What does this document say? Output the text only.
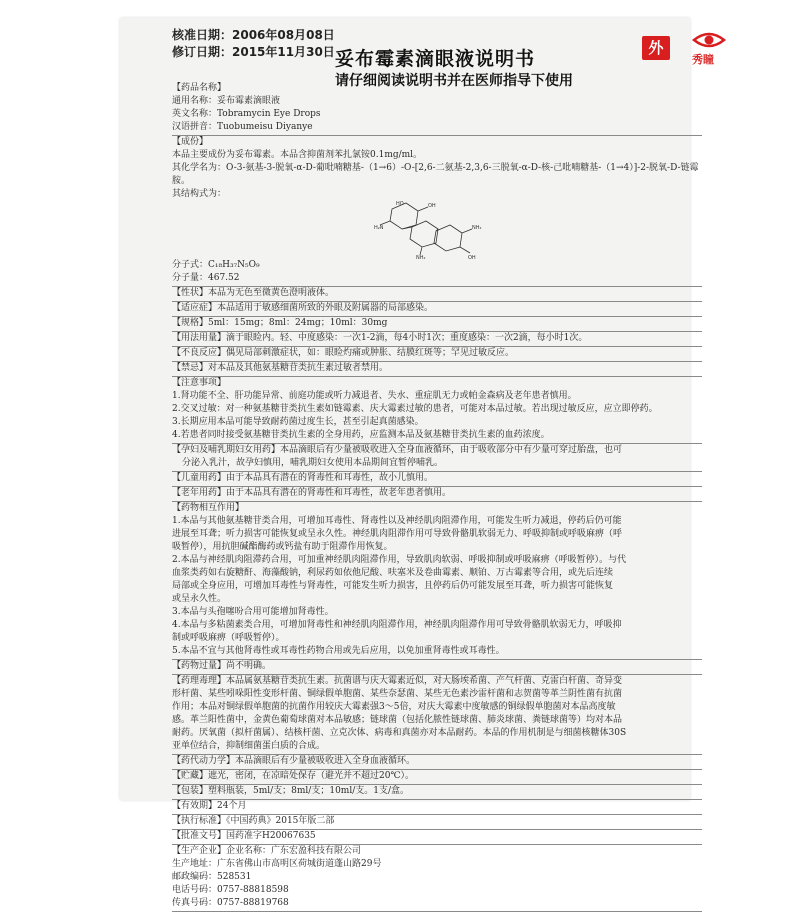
核准日期：2006年08月08日
修订日期：2015年11月30日 妥布霉素滴眼液说明书
请仔细阅读说明书并在医师指导下使用
外
秀瞳
【药品名称】
通用名称：妥布霉素滴眼液
英文名称：Tobramycin Eye Drops
汉语拼音：Tuobumeisu Diyanye
【成份】
本品主要成份为妥布霉素。本品含抑菌剂苯扎氯铵0.1mg/ml。
其化学名为：O-3-氨基-3-脱氧-α-D-葡吡喃糖基-（1→6）-O-[2,6-二氨基-2,3,6-三脱氧-α-D-核-己吡喃糖基-（1→4）]-2-脱氧-D-链霉胺。
其结构式为：
H₂N
OH
NH₂
NH₂
OH
HO
分子式：C₁₈H₃₇N₅O₉
分子量：467.52
【性状】本品为无色至微黄色澄明液体。
【适应症】本品适用于敏感细菌所致的外眼及附属器的局部感染。
【规格】5ml：15mg；8ml：24mg；10ml：30mg
【用法用量】滴于眼睑内。轻、中度感染：一次1-2滴，每4小时1次；重度感染：一次2滴，每小时1次。
【不良反应】偶见局部刺激症状，如：眼睑灼痛或肿胀、结膜红斑等；罕见过敏反应。
【禁忌】对本品及其他氨基糖苷类抗生素过敏者禁用。
【注意事项】
1.肾功能不全、肝功能异常、前庭功能或听力减退者、失水、重症肌无力或帕金森病及老年患者慎用。
2.交叉过敏：对一种氨基糖苷类抗生素如链霉素、庆大霉素过敏的患者，可能对本品过敏。若出现过敏反应，应立即停药。
3.长期应用本品可能导致耐药菌过度生长，甚至引起真菌感染。
4.若患者同时接受氨基糖苷类抗生素的全身用药，应监测本品及氨基糖苷类抗生素的血药浓度。
【孕妇及哺乳期妇女用药】本品滴眼后有少量被吸收进入全身血液循环，由于吸收部分中有少量可穿过胎盘，也可
分泌入乳汁，故孕妇慎用，哺乳期妇女使用本品期间宜暂停哺乳。
【儿童用药】由于本品具有潜在的肾毒性和耳毒性，故小儿慎用。
【老年用药】由于本品具有潜在的肾毒性和耳毒性，故老年患者慎用。
【药物相互作用】
1.本品与其他氨基糖苷类合用，可增加耳毒性、肾毒性以及神经肌肉阻滞作用，可能发生听力减退，停药后仍可能
进展至耳聋；听力损害可能恢复或呈永久性。神经肌肉阻滞作用可导致骨骼肌软弱无力、呼吸抑制或呼吸麻痹（呼
吸暂停），用抗胆碱酯酶药或钙盐有助于阻滞作用恢复。
2.本品与神经肌肉阻滞药合用，可加重神经肌肉阻滞作用，导致肌肉软弱、呼吸抑制或呼吸麻痹（呼吸暂停）。与代
血浆类药如右旋糖酐、海藻酸钠，利尿药如依他尼酸、呋塞米及卷曲霉素、顺铂、万古霉素等合用，或先后连续
局部或全身应用，可增加耳毒性与肾毒性，可能发生听力损害，且停药后仍可能发展至耳聋，听力损害可能恢复
或呈永久性。
3.本品与头孢噻吩合用可能增加肾毒性。
4.本品与多粘菌素类合用，可增加肾毒性和神经肌肉阻滞作用，神经肌肉阻滞作用可导致骨骼肌软弱无力，呼吸抑
制或呼吸麻痹（呼吸暂停）。
5.本品不宜与其他肾毒性或耳毒性药物合用或先后应用，以免加重肾毒性或耳毒性。
【药物过量】尚不明确。
【药理毒理】本品属氨基糖苷类抗生素。抗菌谱与庆大霉素近似，对大肠埃希菌、产气杆菌、克雷白杆菌、奇异变
形杆菌、某些吲哚阳性变形杆菌、铜绿假单胞菌、某些奈瑟菌、某些无色素沙雷杆菌和志贺菌等革兰阴性菌有抗菌
作用；本品对铜绿假单胞菌的抗菌作用较庆大霉素强3～5倍，对庆大霉素中度敏感的铜绿假单胞菌对本品高度敏
感。革兰阳性菌中，金黄色葡萄球菌对本品敏感；链球菌（包括化脓性链球菌、肺炎球菌、粪链球菌等）均对本品
耐药。厌氧菌（拟杆菌属）、结核杆菌、立克次体、病毒和真菌亦对本品耐药。本品的作用机制是与细菌核糖体30S
亚单位结合，抑制细菌蛋白质的合成。
【药代动力学】本品滴眼后有少量被吸收进入全身血液循环。
【贮藏】遮光，密闭，在凉暗处保存（避光并不超过20℃）。
【包装】塑料瓶装，5ml/支；8ml/支；10ml/支。1支/盒。
【有效期】24个月
【执行标准】《中国药典》2015年版二部
【批准文号】国药准字H20067635
【生产企业】企业名称：广东宏盈科技有限公司
生产地址：广东省佛山市高明区荷城街道蓬山路29号
邮政编码：528531
电话号码：0757-88818598
传真号码：0757-88819768
